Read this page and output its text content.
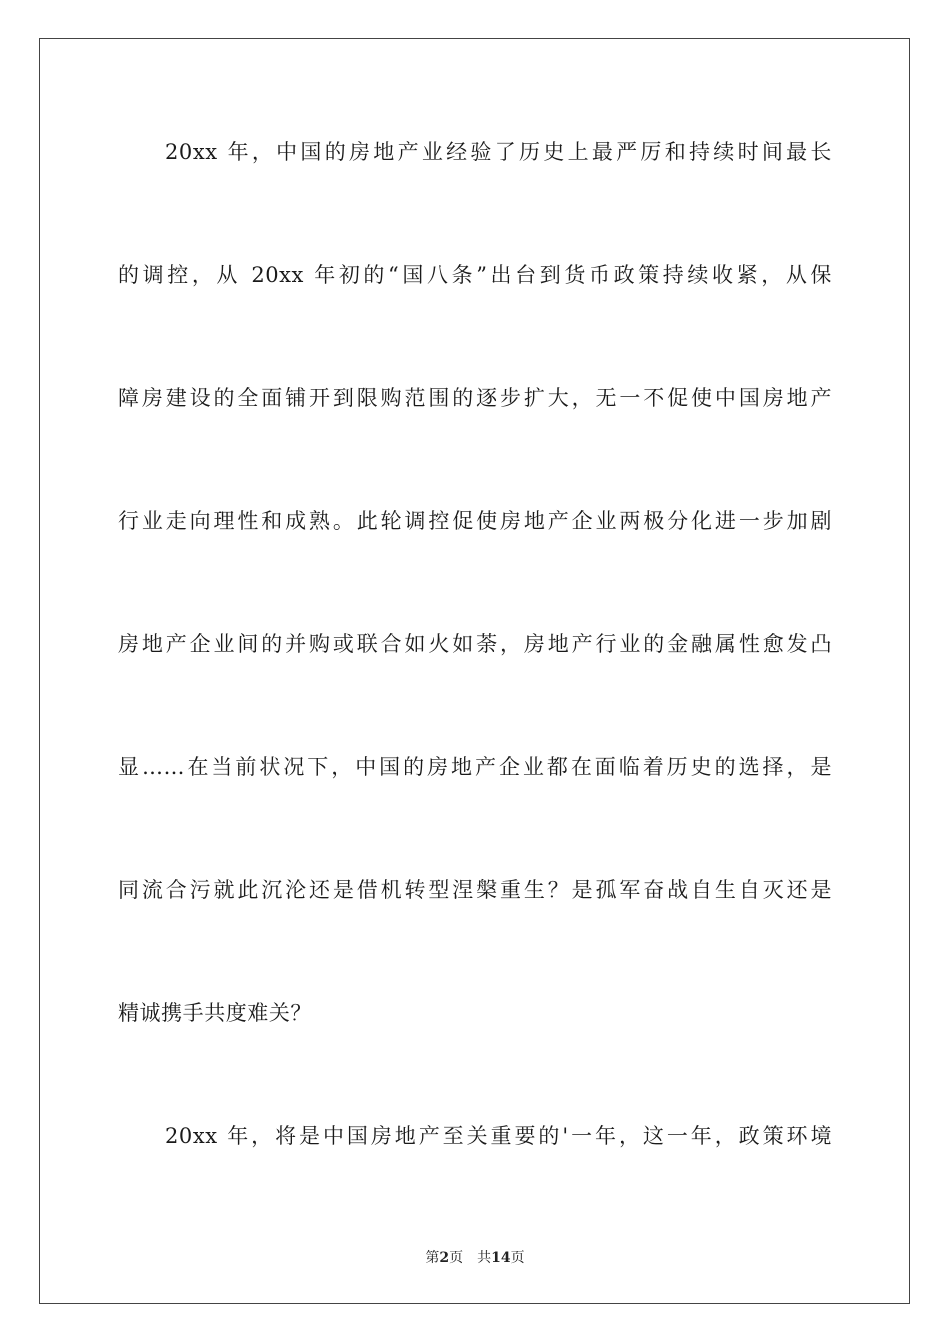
20xx 年，中国的房地产业经验了历史上最严厉和持续时间最长
的调控，从 20xx 年初的“国八条”出台到货币政策持续收紧，从保
障房建设的全面铺开到限购范围的逐步扩大，无一不促使中国房地产
行业走向理性和成熟。此轮调控促使房地产企业两极分化进一步加剧
房地产企业间的并购或联合如火如荼，房地产行业的金融属性愈发凸
显……在当前状况下，中国的房地产企业都在面临着历史的选择，是
同流合污就此沉沦还是借机转型涅槃重生？是孤军奋战自生自灭还是
精诚携手共度难关？
20xx 年，将是中国房地产至关重要的'一年，这一年，政策环境
第2页 共14页
